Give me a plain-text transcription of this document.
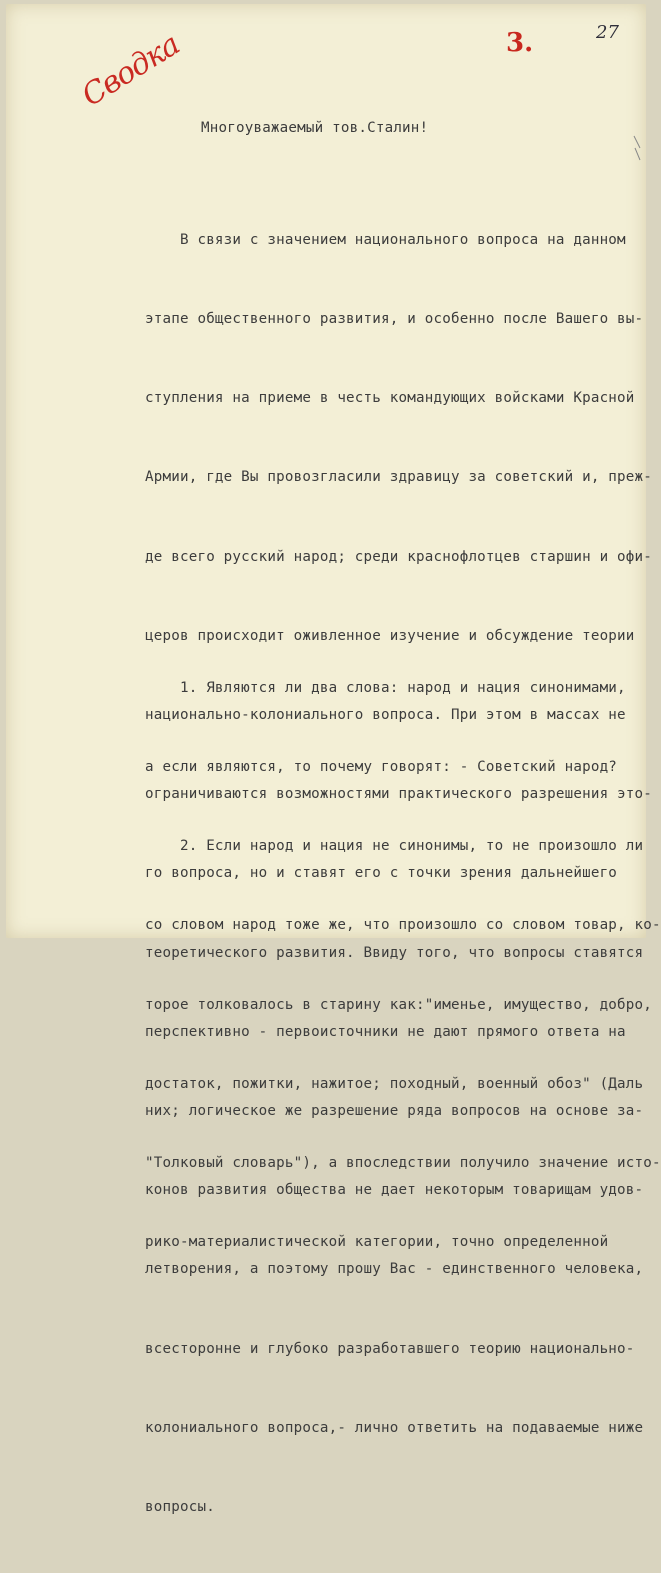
27
3.
Сводка
Многоуважаемый тов.Сталин!

В связи с значением национального вопроса на данном

этапе общественного развития, и особенно после Вашего вы-

ступления на приеме в честь командующих войсками Красной

Армии, где Вы провозгласили здравицу за советский и, преж-

де всего русский народ; среди краснофлотцев старшин и офи-

церов происходит оживленное изучение и обсуждение теории

национально-колониального вопроса. При этом в массах не

ограничиваются возможностями практического разрешения это-

го вопроса, но и ставят его с точки зрения дальнейшего

теоретического развития. Ввиду того, что вопросы ставятся

перспективно - первоисточники не дают прямого ответа на

них; логическое же разрешение ряда вопросов на основе за-

конов развития общества не дает некоторым товарищам удов-

летворения, а поэтому прошу Вас - единственного человека,

всесторонне и глубоко разработавшего теорию национально-

колониального вопроса,- лично ответить на подаваемые ниже

вопросы.

1. Являются ли два слова: народ и нация синонимами,

а если являются, то почему говорят: - Советский народ?

2. Если народ и нация не синонимы, то не произошло ли

со словом народ тоже же, что произошло со словом товар, ко-

торое толковалось в старину как:"именье, имущество, добро,

достаток, пожитки, нажитое; походный, военный обоз" (Даль

"Толковый словарь"), а впоследствии получило значение исто-

рико-материалистической категории, точно определенной
